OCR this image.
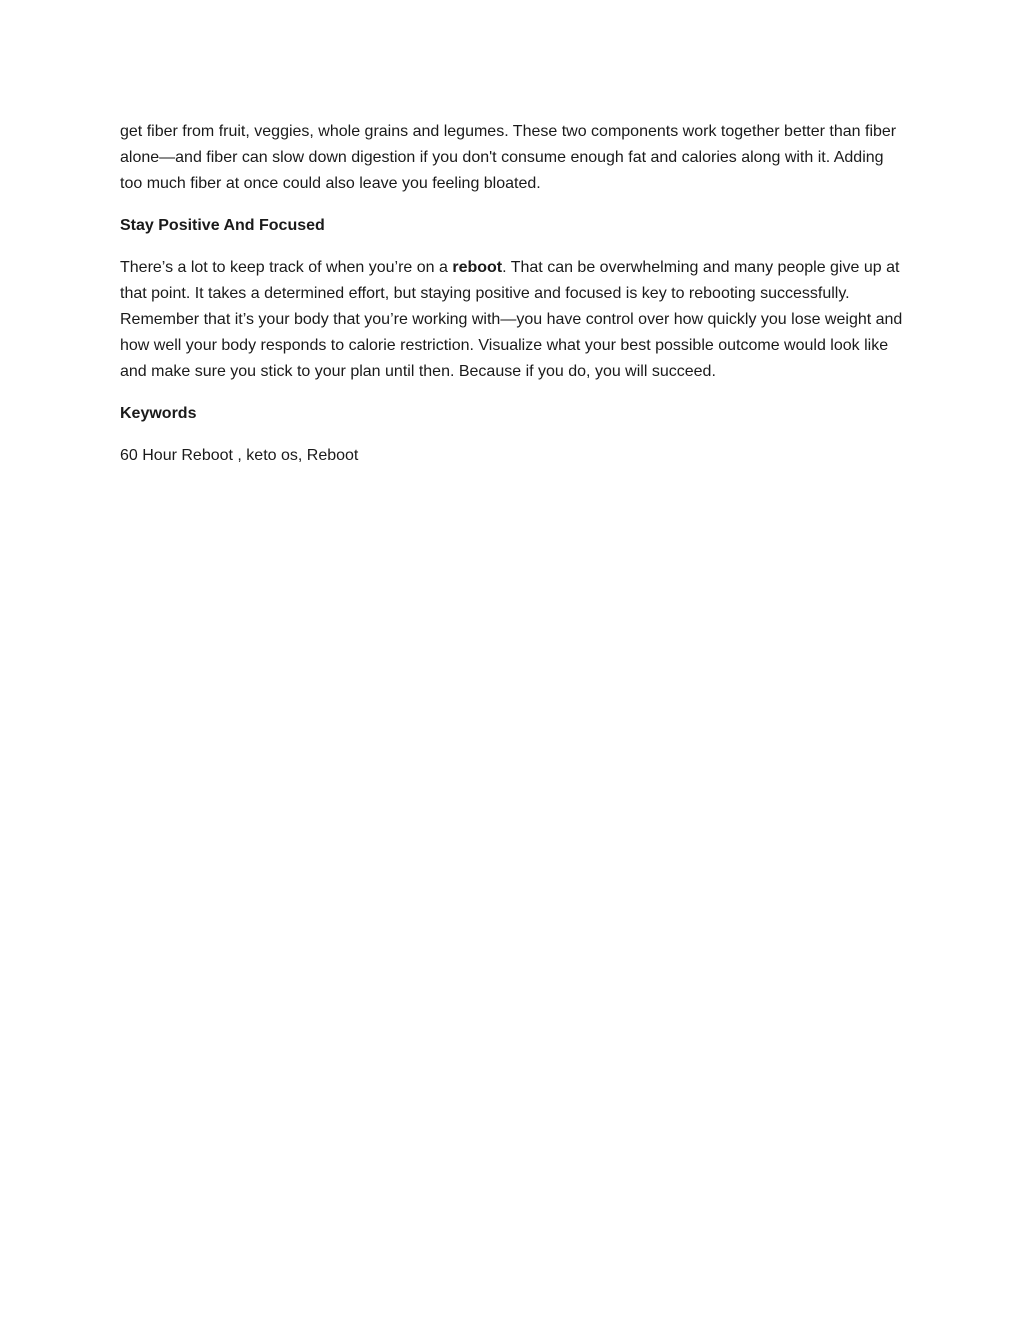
get fiber from fruit, veggies, whole grains and legumes. These two components work together better than fiber alone—and fiber can slow down digestion if you don't consume enough fat and calories along with it. Adding too much fiber at once could also leave you feeling bloated.

Stay Positive And Focused

There’s a lot to keep track of when you’re on a reboot. That can be overwhelming and many people give up at that point. It takes a determined effort, but staying positive and focused is key to rebooting successfully. Remember that it’s your body that you’re working with—you have control over how quickly you lose weight and how well your body responds to calorie restriction. Visualize what your best possible outcome would look like and make sure you stick to your plan until then. Because if you do, you will succeed.

Keywords

60 Hour Reboot , keto os, Reboot
